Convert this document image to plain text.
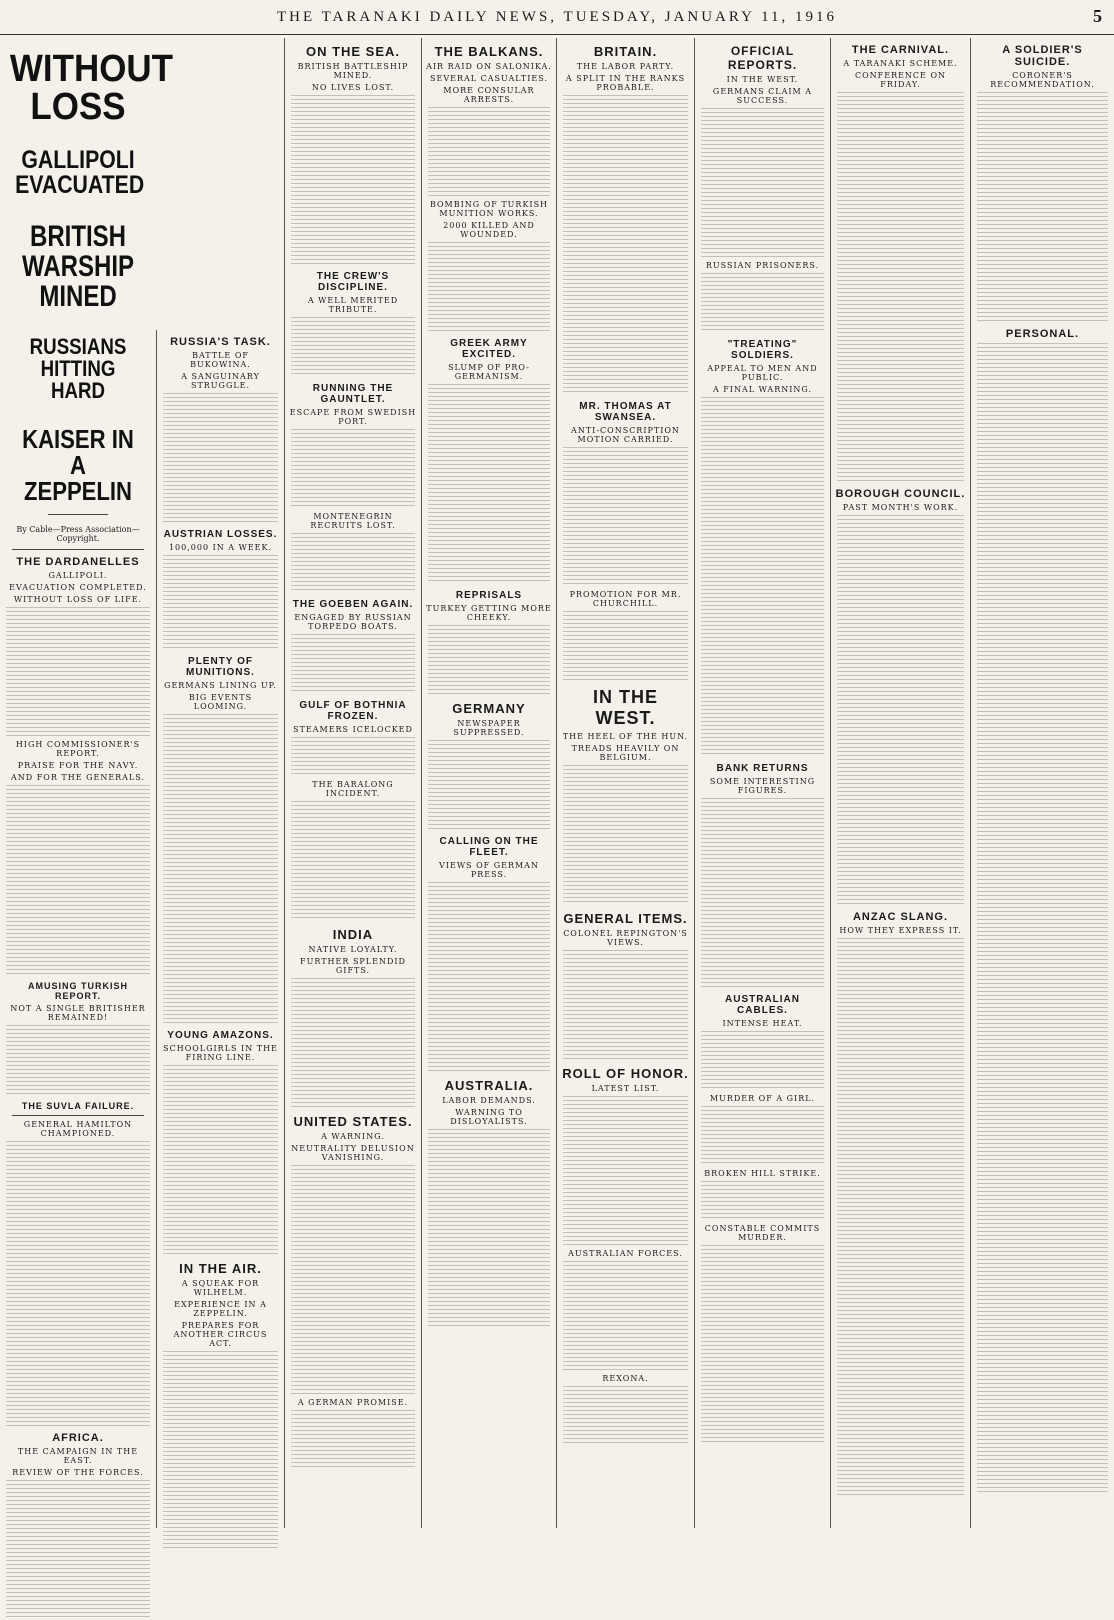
THE TARANAKI DAILY NEWS, TUESDAY, JANUARY 11, 1916	5
WITHOUT LOSS
GALLIPOLI EVACUATED
BRITISH WARSHIP MINED
RUSSIANS HITTING HARD
KAISER IN A ZEPPELIN
By Cable—Press Association—Copyright.
THE DARDANELLES
GALLIPOLI.
EVACUATION COMPLETED.
WITHOUT LOSS OF LIFE.
HIGH COMMISSIONER'S REPORT.
PRAISE FOR THE NAVY.
AND FOR THE GENERALS.
AMUSING TURKISH REPORT.
NOT A SINGLE BRITISHER REMAINED!
THE SUVLA FAILURE.
GENERAL HAMILTON CHAMPIONED.
AFRICA.
THE CAMPAIGN IN THE EAST.
REVIEW OF THE FORCES.
RUSSIA'S TASK.
BATTLE OF BUKOWINA.
A SANGUINARY STRUGGLE.
AUSTRIAN LOSSES.
100,000 IN A WEEK.
PLENTY OF MUNITIONS.
GERMANS LINING UP.
BIG EVENTS LOOMING.
YOUNG AMAZONS.
SCHOOLGIRLS IN THE FIRING LINE.
IN THE AIR.
A SQUEAK FOR WILHELM.
EXPERIENCE IN A ZEPPELIN.
PREPARES FOR ANOTHER CIRCUS ACT.
ON THE SEA.
BRITISH BATTLESHIP MINED.
NO LIVES LOST.
THE CREW'S DISCIPLINE.
A WELL MERITED TRIBUTE.
RUNNING THE GAUNTLET.
ESCAPE FROM SWEDISH PORT.
MONTENEGRIN RECRUITS LOST.
THE GOEBEN AGAIN.
ENGAGED BY RUSSIAN TORPEDO BOATS.
GULF OF BOTHNIA FROZEN.
STEAMERS ICELOCKED
THE BARALONG INCIDENT.
INDIA
NATIVE LOYALTY.
FURTHER SPLENDID GIFTS.
UNITED STATES.
A WARNING.
NEUTRALITY DELUSION VANISHING.
A GERMAN PROMISE.
THE BALKANS.
AIR RAID ON SALONIKA.
SEVERAL CASUALTIES.
MORE CONSULAR ARRESTS.
BOMBING OF TURKISH MUNITION WORKS.
2000 KILLED AND WOUNDED.
GREEK ARMY EXCITED.
SLUMP OF PRO-GERMANISM.
REPRISALS
TURKEY GETTING MORE CHEEKY.
GERMANY
NEWSPAPER SUPPRESSED.
CALLING ON THE FLEET.
VIEWS OF GERMAN PRESS.
AUSTRALIA.
LABOR DEMANDS.
WARNING TO DISLOYALISTS.
BRITAIN.
THE LABOR PARTY.
A SPLIT IN THE RANKS PROBABLE.
MR. THOMAS AT SWANSEA.
ANTI-CONSCRIPTION MOTION CARRIED.
PROMOTION FOR MR. CHURCHILL.
IN THE WEST.
THE HEEL OF THE HUN.
TREADS HEAVILY ON BELGIUM.
GENERAL ITEMS.
COLONEL REPINGTON'S VIEWS.
ROLL OF HONOR.
LATEST LIST.
AUSTRALIAN FORCES.
REXONA.
OFFICIAL REPORTS.
IN THE WEST.
GERMANS CLAIM A SUCCESS.
RUSSIAN PRISONERS.
"TREATING" SOLDIERS.
APPEAL TO MEN AND PUBLIC.
A FINAL WARNING.
BANK RETURNS
SOME INTERESTING FIGURES.
AUSTRALIAN CABLES.
INTENSE HEAT.
MURDER OF A GIRL.
BROKEN HILL STRIKE.
CONSTABLE COMMITS MURDER.
THE CARNIVAL.
A TARANAKI SCHEME.
CONFERENCE ON FRIDAY.
BOROUGH COUNCIL.
PAST MONTH'S WORK.
ANZAC SLANG.
HOW THEY EXPRESS IT.
A SOLDIER'S SUICIDE.
CORONER'S RECOMMENDATION.
PERSONAL.
